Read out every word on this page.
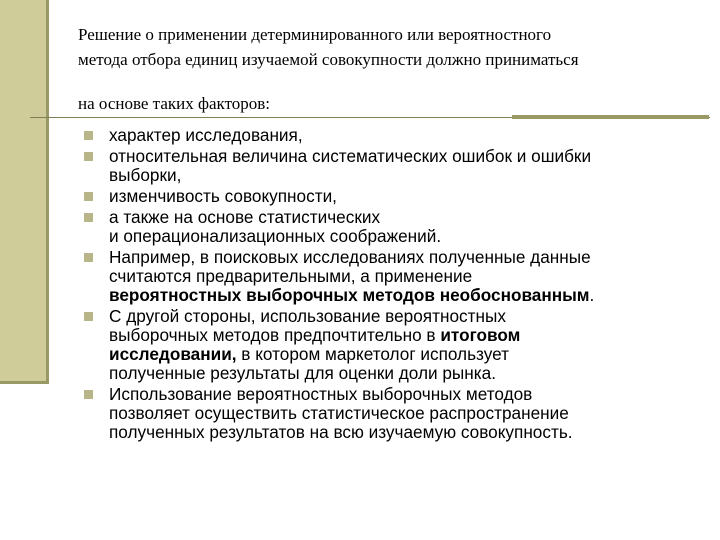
Решение о применении детерминированного или вероятностного
метода отбора единиц изучаемой совокупности должно приниматься
на основе таких факторов:
характер исследования,
относительная величина систематических ошибок и ошибки
выборки,
изменчивость совокупности,
а также на основе статистических
и операционализационных соображений.
Например, в поисковых исследованиях полученные данные
считаются предварительными, а применение
вероятностных выборочных методов необоснованным.
С другой стороны, использование вероятностных
выборочных методов предпочтительно в итоговом
исследовании, в котором маркетолог использует
полученные результаты для оценки доли рынка.
Использование вероятностных выборочных методов
позволяет осуществить статистическое распространение
полученных результатов на всю изучаемую совокупность.
